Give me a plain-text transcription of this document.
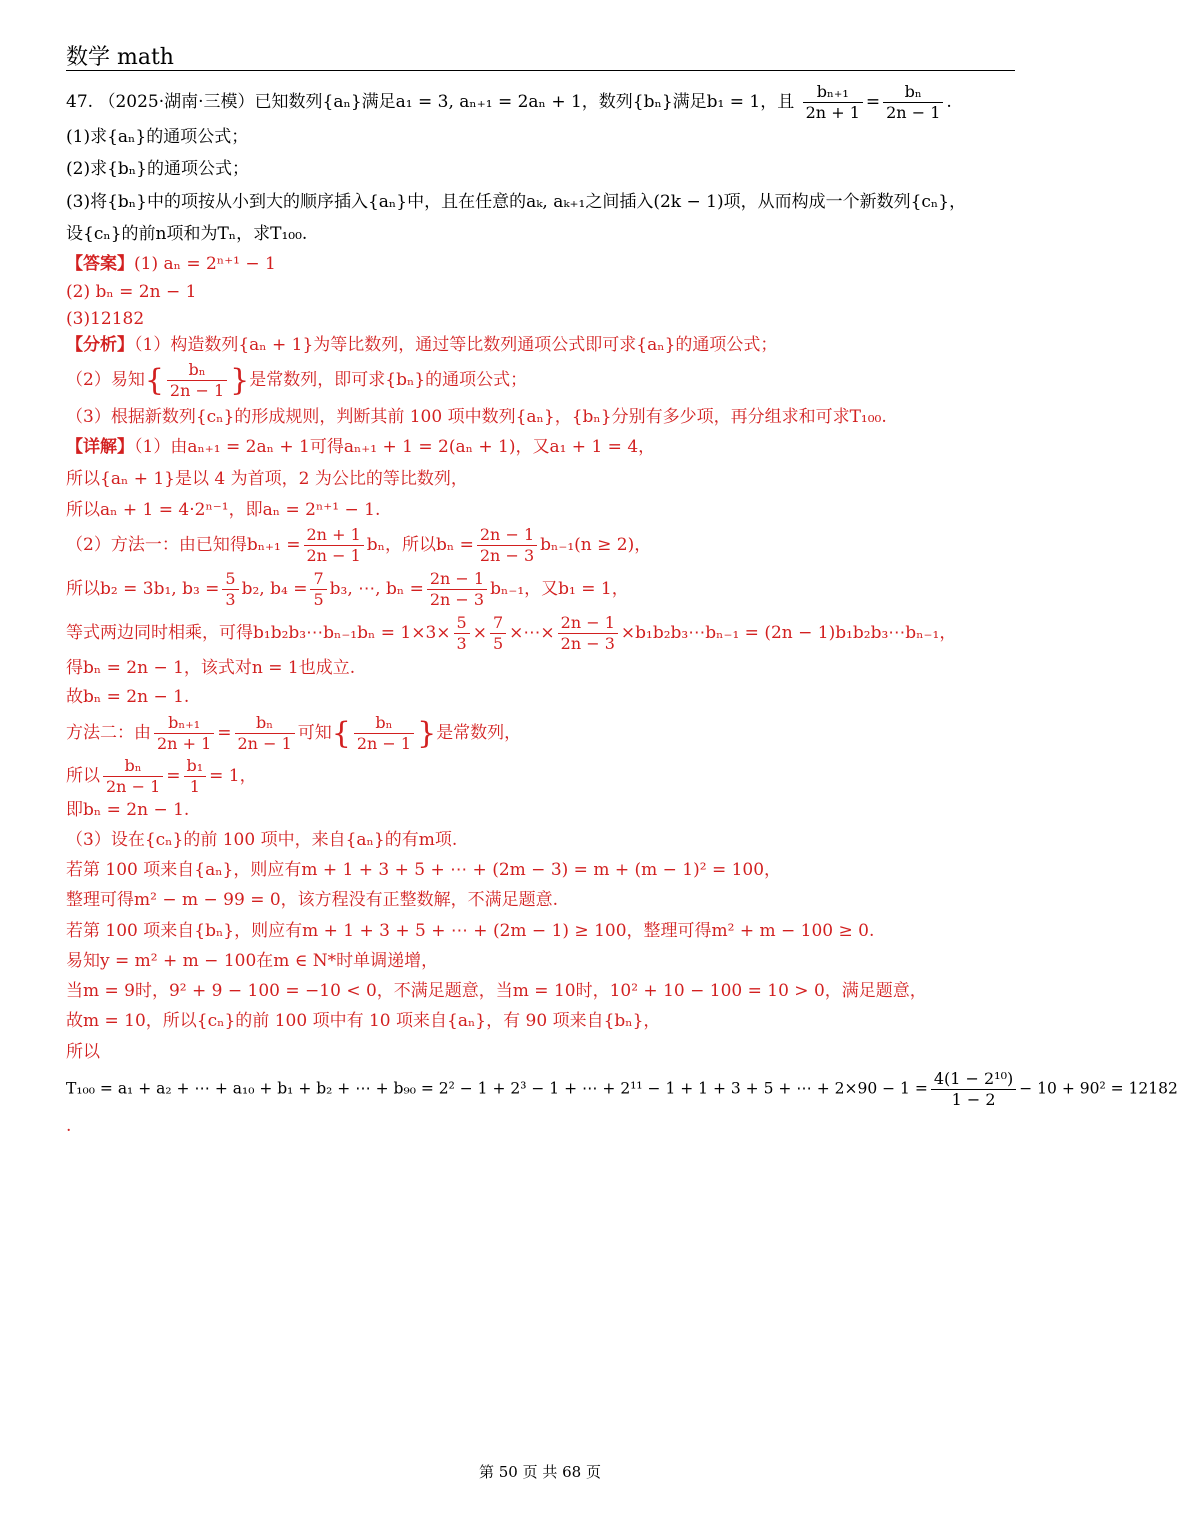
数学 math
47. （2025·湖南·三模）已知数列{aₙ}满足a₁ = 3, aₙ₊₁ = 2aₙ + 1，数列{bₙ}满足b₁ = 1，且 $\frac{\text{bₙ₊₁}}{2n + 1} = \frac{\text{bₙ}}{2n - 1}$ .
(1)求{aₙ}的通项公式；
(2)求{bₙ}的通项公式；
(3)将{bₙ}中的项按从小到大的顺序插入{aₙ}中，且在任意的aₖ, aₖ₊₁之间插入(2k − 1)项，从而构成一个新数列{cₙ}，
设{cₙ}的前n项和为Tₙ，求T₁₀₀.
【答案】(1) aₙ = 2ⁿ⁺¹ − 1
(2) bₙ = 2n − 1
(3)12182
【分析】（1）构造数列{aₙ + 1}为等比数列，通过等比数列通项公式即可求{aₙ}的通项公式；
（2）易知{ $\frac{\text{bₙ}}{2n - 1}$ }是常数列，即可求{bₙ}的通项公式；
（3）根据新数列{cₙ}的形成规则，判断其前 100 项中数列{aₙ}，{bₙ}分别有多少项，再分组求和可求T₁₀₀.
【详解】（1）由aₙ₊₁ = 2aₙ + 1可得aₙ₊₁ + 1 = 2(aₙ + 1)，又a₁ + 1 = 4，
所以{aₙ + 1}是以 4 为首项，2 为公比的等比数列，
所以aₙ + 1 = 4·2ⁿ⁻¹，即aₙ = 2ⁿ⁺¹ − 1.
（2）方法一：由已知得$b_{n+1} = \frac{2n + 1}{2n - 1}$ bₙ，所以$b_n = \frac{2n - 1}{2n - 3} b_{n-1}(n \ge 2)$，
所以b₂ = 3b₁, $b_3 = \frac{5}{3} b_2$, $b_4 = \frac{7}{5} b_3$, ⋯, $b_n = \frac{2n - 1}{2n - 3} b_{n-1}$，又b₁ = 1，
等式两边同时相乘，可得b₁b₂b₃⋯bₙ₋₁bₙ = $1\times 3\times \frac{5}{3} \times \frac{7}{5}$ ×⋯× $\frac{2n - 1}{2n - 3}$ ×b₁b₂b₃⋯bₙ₋₁ = (2n − 1)b₁b₂b₃⋯bₙ₋₁，
得bₙ = 2n − 1，该式对n = 1也成立.
故bₙ = 2n − 1.
方法二：由 $\frac{\text{bₙ₊₁}}{2n + 1} = \frac{\text{bₙ}}{2n - 1}$ 可知{ $\frac{\text{bₙ}}{2n - 1}$ }是常数列，
所以 $\frac{\text{bₙ}}{2n - 1} = \frac{\text{b₁}}{1} = 1$，
即bₙ = 2n − 1.
（3）设在{cₙ}的前 100 项中，来自{aₙ}的有m项.
若第 100 项来自{aₙ}，则应有m + 1 + 3 + 5 + ⋯ + (2m − 3) = m + (m − 1)² = 100，
整理可得m² − m − 99 = 0，该方程没有正整数解，不满足题意.
若第 100 项来自{bₙ}，则应有m + 1 + 3 + 5 + ⋯ + (2m − 1) ≥ 100，整理可得m² + m − 100 ≥ 0.
易知y = m² + m − 100在m ∈ N*时单调递增，
当m = 9时，9² + 9 − 100 = −10 < 0，不满足题意，当m = 10时，10² + 10 − 100 = 10 > 0，满足题意，
故m = 10，所以{cₙ}的前 100 项中有 10 项来自{aₙ}，有 90 项来自{bₙ}，
所以
T₁₀₀ = a₁ + a₂ + ⋯ + a₁₀ + b₁ + b₂ + ⋯ + b₉₀ = 2² − 1 + 2³ − 1 + ⋯ + 2¹¹ − 1 + 1 + 3 + 5 + ⋯ + $2\times 90 - 1 = \frac{\text{4(1 − 2¹⁰)}}{1 - 2} - 10 + 90^2 = 12182$
.
第 50 页 共 68 页
